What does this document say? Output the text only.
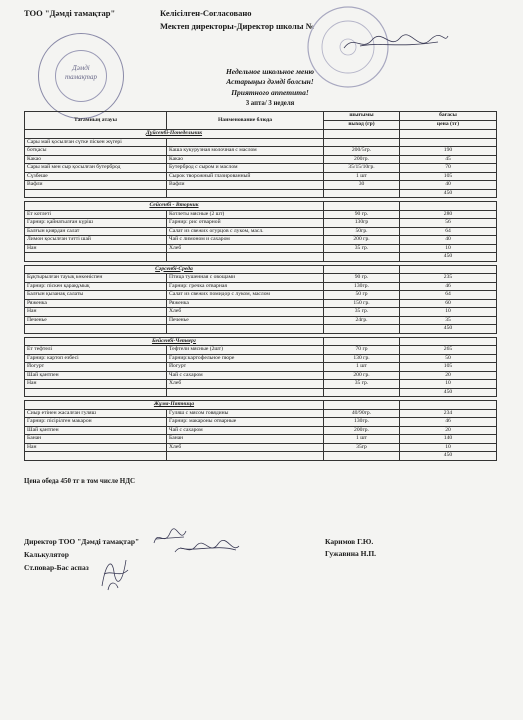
ТОО "Дәмді тамақтар"	Келісілген-Согласовано
Мектеп директоры-Директор школы №
Дәмді
тамақтар
Недельное школьное меню
Астарыңыз дәмді болсын!
Приятного аппетита!
3 апта/ 3 неделя
Тағамның атауы	Наименование блюда	шығымы	бағасы
		выход (гр)	цена (тг)
Дүйсенбі-Понедельник			
Сары май қосылған сүтке піскен жүгері			
ботқасы	Каша кукурузная молочная с маслом	200/5гр.	190
Какао	Какао	200гр.	45
Сары май мен сыр қосылған бутерброд	Бутерброд с сыром и маслом	35/15/10гр.	70
Сүзбеше	Сырок творожный глазированный	1 шт	105
Вафли	Вафли	30	40
			450

Сейсенбі - Вторник			
Ет котлеті	Котлеты мясные (2 шт)	90 гр.	280
Гарнир: қайнатылған күріш	Гарнир: рис отварной	130гр	56
Балғын қиярдан салат	Салат из свежих огурцов с луком, масл.	50гр.	64
Лимон қосылған тәтті шай	Чай с лимоном и сахаром	200 гр.	40
Нан	Хлеб	35 гр.	10
			450

Сәрсенбі-Среда			
Бұқтырылған тауық көкөніспен	Птица тушенная с овощами	90 гр.	235
Гарнир: піскен қарақұмық	Гарнир: гречка отварная	130гр.	46
Балғын қызанақ салаты	Салат из свежих помидор с луком, маслом	50 гр	64
Ряженка	Ряженка	150 гр.	60
Нан	Хлеб	35 гр.	10
Печенье	Печенье	24гр.	35
			450

Бейсенбі-Четверг			
Ет тефтелі	Тефтели мясные (2шт)	70 гр	265
Гарнир: картоп езбесі	Гарнир:картофельное пюре	130 гр.	50
Йогурт	Йогурт	1 шт	105
Шай қантпен	Чай с сахаром	200 гр.	20
Нан	Хлеб	35 гр.	10
			450

Жұма-Пятница			
Сиыр етінен жасалған гуляш	Гуляш с мясом говядины	40/90гр.	234
Гарнир: пісірілген макарон	Гарнир: макароны отварные	130гр.	46
Шай қантпен	Чай с сахаром	200гр.	20
Банан	Банан	1 шт	140
Нан	Хлеб	35гр	10
			450
Цена обеда 450 тг в том числе НДС
Директор ТОО "Дәмді тамақтар"
Калькулятор
Ст.повар-Бас аспаз
Каримов Г.Ю.
Гужавина Н.П.
